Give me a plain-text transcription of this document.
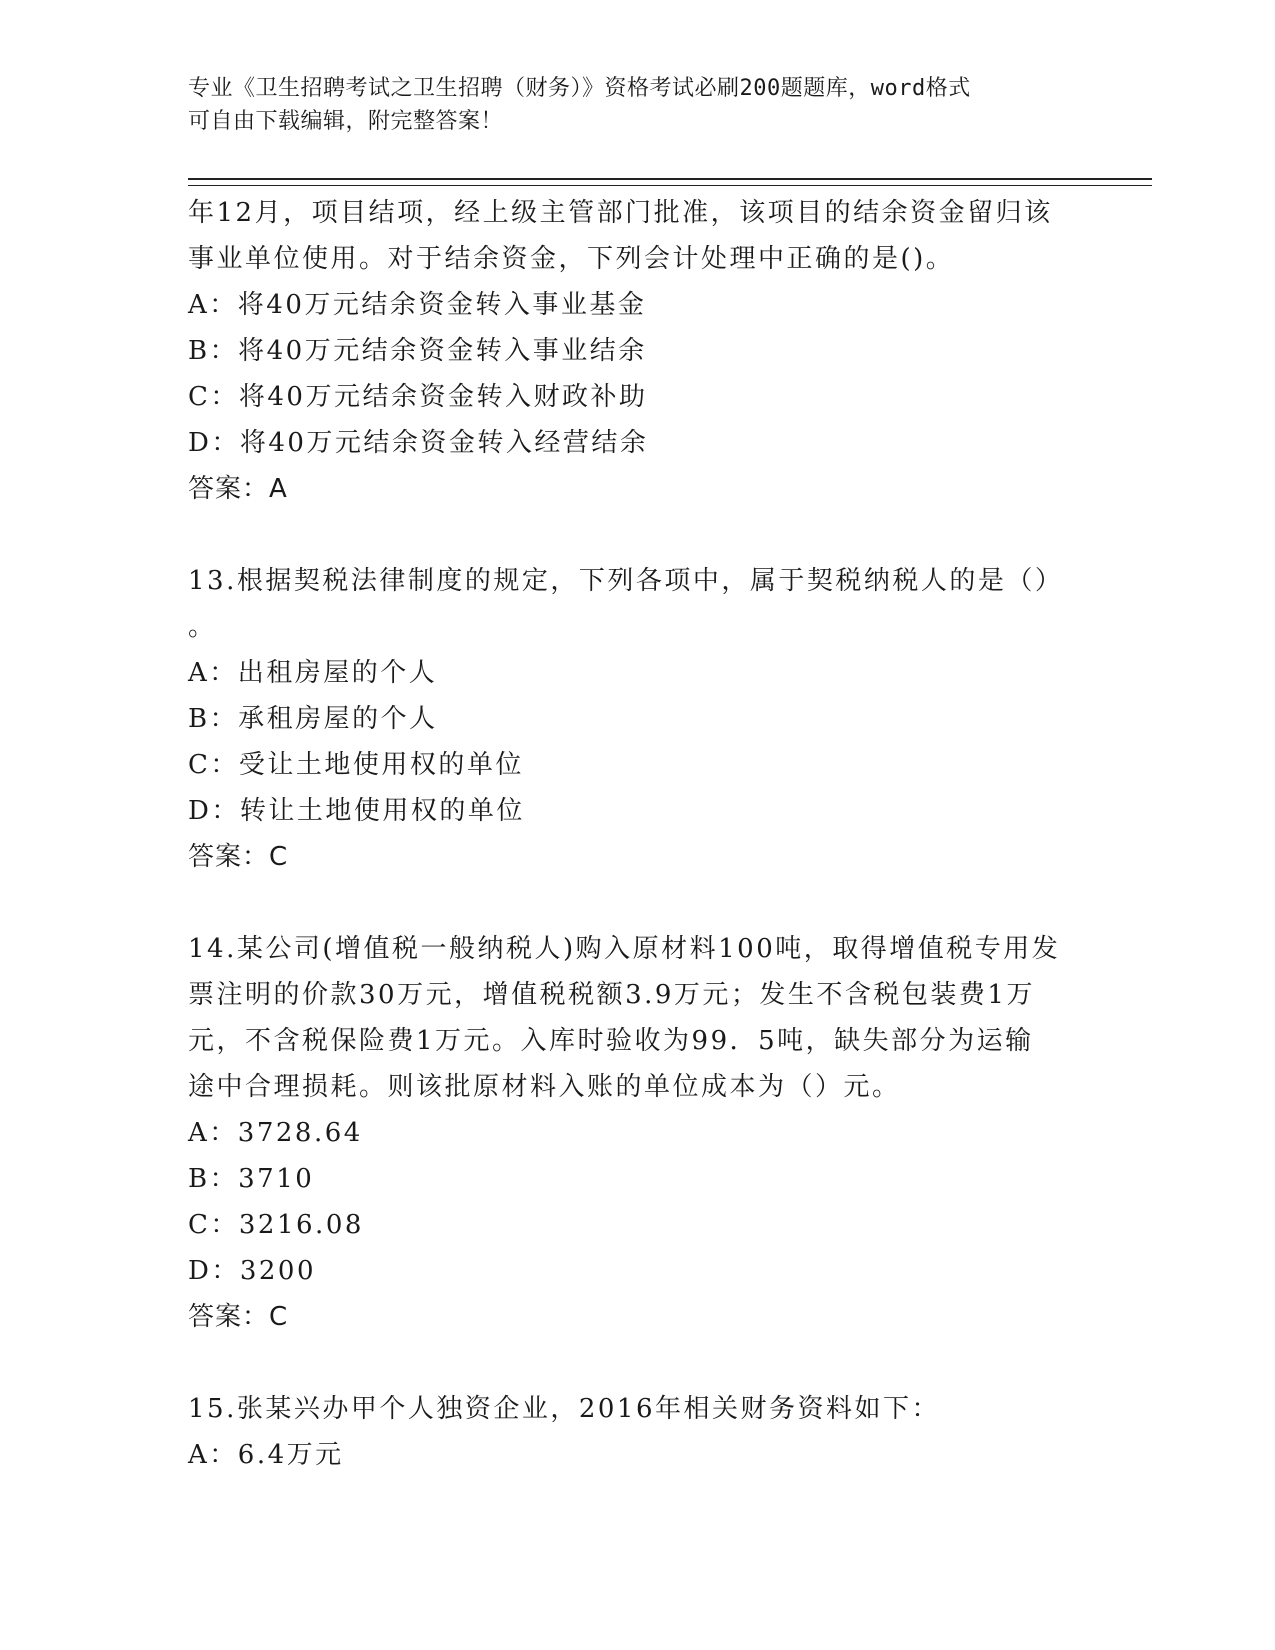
专业《卫生招聘考试之卫生招聘（财务）》资格考试必刷200题题库，word格式
可自由下载编辑，附完整答案！
年12月，项目结项，经上级主管部门批准，该项目的结余资金留归该
事业单位使用。对于结余资金，下列会计处理中正确的是()。
A：将40万元结余资金转入事业基金
B：将40万元结余资金转入事业结余
C：将40万元结余资金转入财政补助
D：将40万元结余资金转入经营结余
答案：A
13.根据契税法律制度的规定，下列各项中，属于契税纳税人的是（）
。
A：出租房屋的个人
B：承租房屋的个人
C：受让土地使用权的单位
D：转让土地使用权的单位
答案：C
14.某公司(增值税一般纳税人)购入原材料100吨，取得增值税专用发
票注明的价款30万元，增值税税额3.9万元；发生不含税包装费1万
元，不含税保险费1万元。入库时验收为99．5吨，缺失部分为运输
途中合理损耗。则该批原材料入账的单位成本为（）元。
A：3728.64
B：3710
C：3216.08
D：3200
答案：C
15.张某兴办甲个人独资企业，2016年相关财务资料如下：
A：6.4万元
